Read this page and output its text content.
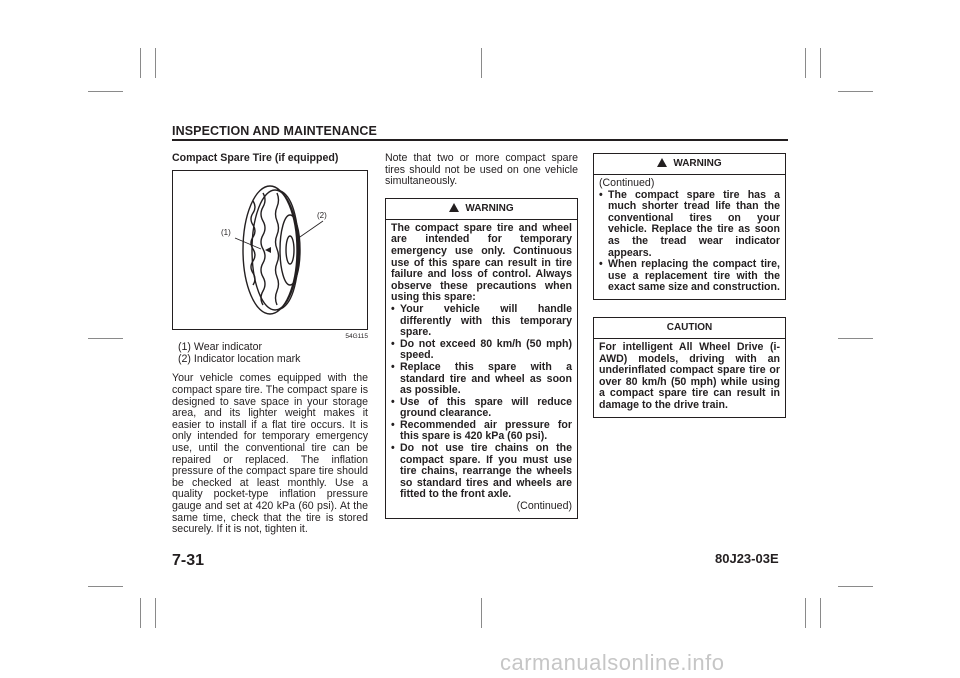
INSPECTION AND MAINTENANCE
Compact Spare Tire (if equipped)
(1)
(2)
54G115
(1) Wear indicator
(2) Indicator location mark
Your vehicle comes equipped with the compact spare tire. The compact spare is designed to save space in your storage area, and its lighter weight makes it easier to install if a flat tire occurs. It is only intended for temporary emergency use, until the conventional tire can be repaired or replaced. The inflation pressure of the compact spare tire should be checked at least monthly. Use a quality pocket-type inflation pressure gauge and set at 420 kPa (60 psi). At the same time, check that the tire is stored securely. If it is not, tighten it.
Note that two or more compact spare tires should not be used on one vehicle simultaneously.
WARNING
The compact spare tire and wheel are intended for temporary emergency use only. Continuous use of this spare can result in tire failure and loss of control. Always observe these precautions when using this spare:
• Your vehicle will handle differently with this temporary spare.
• Do not exceed 80 km/h (50 mph) speed.
• Replace this spare with a standard tire and wheel as soon as possible.
• Use of this spare will reduce ground clearance.
• Recommended air pressure for this spare is 420 kPa (60 psi).
• Do not use tire chains on the compact spare. If you must use tire chains, rearrange the wheels so standard tires and wheels are fitted to the front axle.
(Continued)
WARNING
(Continued)
• The compact spare tire has a much shorter tread life than the conventional tires on your vehicle. Replace the tire as soon as the tread wear indicator appears.
• When replacing the compact tire, use a replacement tire with the exact same size and construction.
CAUTION
For intelligent All Wheel Drive (i-AWD) models, driving with an underinflated compact spare tire or over 80 km/h (50 mph) while using a compact spare tire can result in damage to the drive train.
7-31	80J23-03E
carmanualsonline.info
